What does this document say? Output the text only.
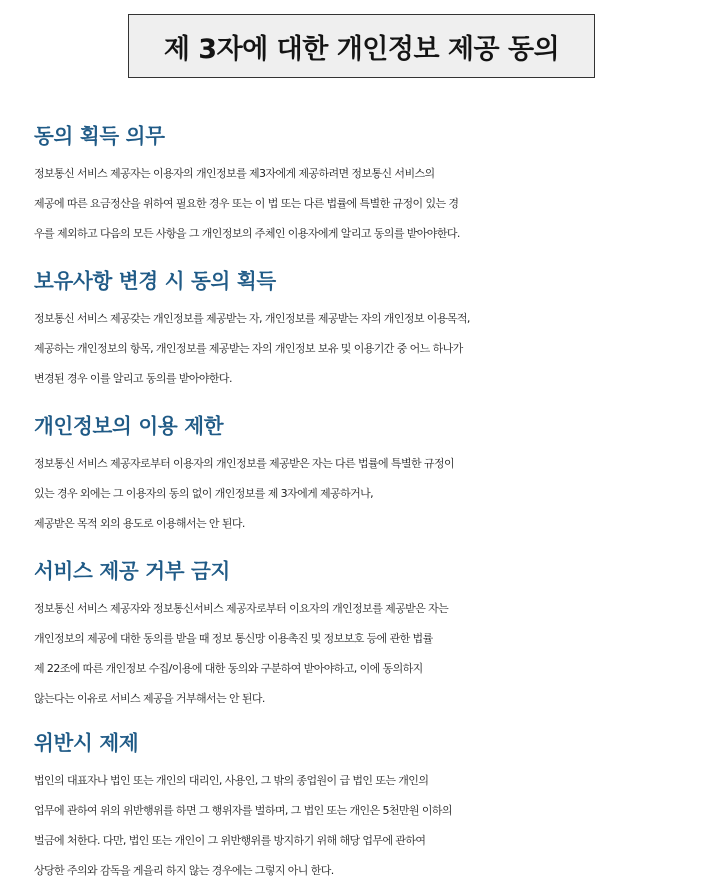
제 3자에 대한 개인정보 제공 동의
동의 획득 의무
정보통신 서비스 제공자는 이용자의 개인정보를 제3자에게 제공하려면 정보통신 서비스의
제공에 따른 요금정산을 위하여 필요한 경우 또는 이 법 또는 다른 법률에 특별한 규정이 있는 경
우를 제외하고 다음의 모든 사항을 그 개인정보의 주체인 이용자에게 알리고 동의를 받아야한다.
보유사항 변경 시 동의 획득
정보통신 서비스 제공갖는 개인정보를 제공받는 자, 개인정보를 제공받는 자의 개인정보 이용목적,
제공하는 개인정보의 항목, 개인정보를 제공받는 자의 개인정보 보유 및 이용기간 중 어느 하나가
변경된 경우 이를 알리고 동의를 받아야한다.
개인정보의 이용 제한
정보통신 서비스 제공자로부터 이용자의 개인정보를 제공받은 자는 다른 법률에 특별한 규정이
있는 경우 외에는 그 이용자의 동의 없이 개인정보를 제 3자에게 제공하거나,
제공받은 목적 외의 용도로 이용해서는 안 된다.
서비스 제공 거부 금지
정보통신 서비스 제공자와 정보통신서비스 제공자로부터 이요자의 개인정보를 제공받은 자는
개인정보의 제공에 대한 동의를 받을 때 정보 통신망 이용촉진 및 정보보호 등에 관한 법률
제 22조에 따른 개인정보 수집/이용에 대한 동의와 구분하여 받아야하고, 이에 동의하지
않는다는 이유로 서비스 제공을 거부해서는 안 된다.
위반시 제제
법인의 대표자나 법인 또는 개인의 대리인, 사용인, 그 밖의 종업원이 급 법인 또는 개인의
업무에 관하여 위의 위반행위를 하면 그 행위자를 벌하며, 그 법인 또는 개인은 5천만원 이하의
벌금에 처한다. 다만, 법인 또는 개인이 그 위반행위를 방지하기 위해 해당 업무에 관하여
상당한 주의와 감독을 게을리 하지 않는 경우에는 그렇지 아니 한다.
